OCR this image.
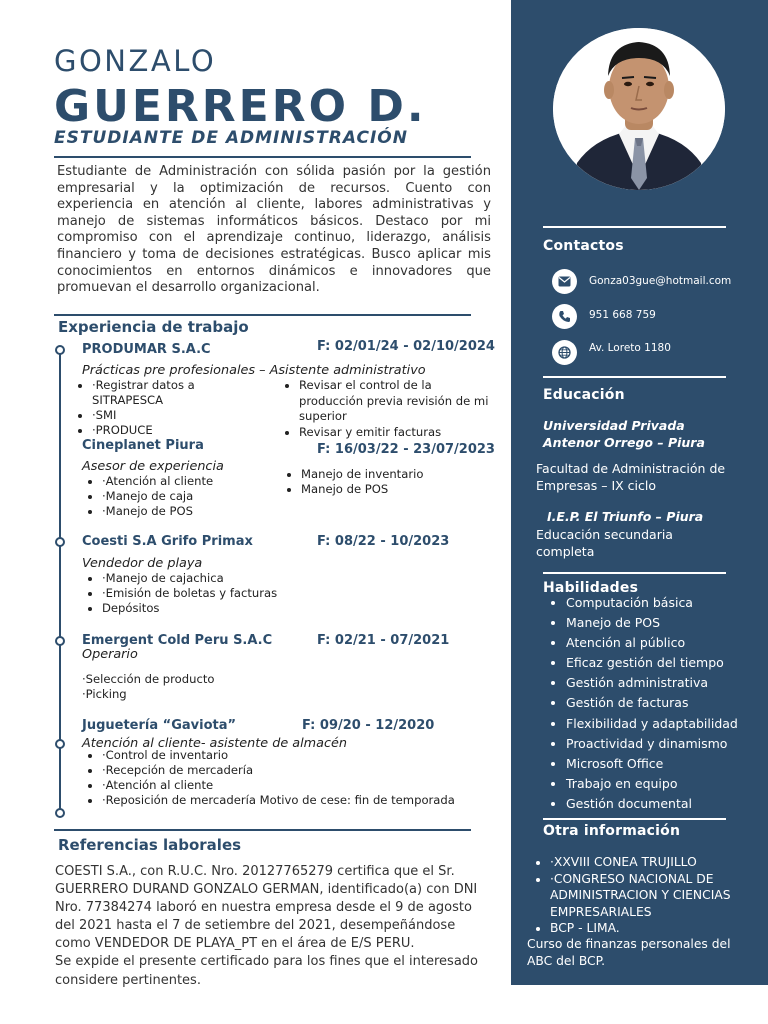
Contactos
Gonza03gue@hotmail.com
951 668 759
Av. Loreto 1180
Educación
Universidad Privada Antenor Orrego – Piura
Facultad de Administración de Empresas – IX ciclo
I.E.P. El Triunfo – Piura
Educación secundaria completa
Habilidades
• Computación básica
• Manejo de POS
• Atención al público
• Eficaz gestión del tiempo
• Gestión administrativa
• Gestión de facturas
• Flexibilidad y adaptabilidad
• Proactividad y dinamismo
• Microsoft Office
• Trabajo en equipo
• Gestión documental
Otra información
• ·XXVIII CONEA TRUJILLO
• ·CONGRESO NACIONAL DE ADMINISTRACION Y CIENCIAS EMPRESARIALES
• BCP - LIMA.
Curso de finanzas personales del ABC del BCP.
GONZALO
GUERRERO D.
ESTUDIANTE DE ADMINISTRACIÓN
Estudiante de Administración con sólida pasión por la gestión empresarial y la optimización de recursos. Cuento con experiencia en atención al cliente, labores administrativas y manejo de sistemas informáticos básicos. Destaco por mi compromiso con el aprendizaje continuo, liderazgo, análisis financiero y toma de decisiones estratégicas. Busco aplicar mis conocimientos en entornos dinámicos e innovadores que promuevan el desarrollo organizacional.
Experiencia de trabajo
PRODUMAR S.A.C	F: 02/01/24 - 02/10/2024
Prácticas pre profesionales – Asistente administrativo
• ·Registrar datos a SITRAPESCA
• ·SMI
• ·PRODUCE
• Revisar el control de la producción previa revisión de mi superior
• Revisar y emitir facturas
Cineplanet Piura	F: 16/03/22 - 23/07/2023
Asesor de experiencia
• ·Atención al cliente
• ·Manejo de caja
• ·Manejo de POS
• Manejo de inventario
• Manejo de POS
Coesti S.A Grifo Primax	F: 08/22 - 10/2023
Vendedor de playa
• ·Manejo de cajachica
• ·Emisión de boletas y facturas
• Depósitos
Emergent Cold Peru S.A.C	F: 02/21 - 07/2021
Operario
·Selección de producto
·Picking
Juguetería “Gaviota”	F: 09/20 - 12/2020
Atención al cliente- asistente de almacén
• ·Control de inventario
• ·Recepción de mercadería
• ·Atención al cliente
• ·Reposición de mercadería Motivo de cese: fin de temporada
Referencias laborales

COESTI S.A., con R.U.C. Nro. 20127765279 certifica que el Sr. GUERRERO DURAND GONZALO GERMAN, identificado(a) con DNI Nro. 77384274 laboró en nuestra empresa desde el 9 de agosto del 2021 hasta el 7 de setiembre del 2021, desempeñándose como VENDEDOR DE PLAYA_PT en el área de E/S PERU.

Se expide el presente certificado para los fines que el interesado considere pertinentes.
